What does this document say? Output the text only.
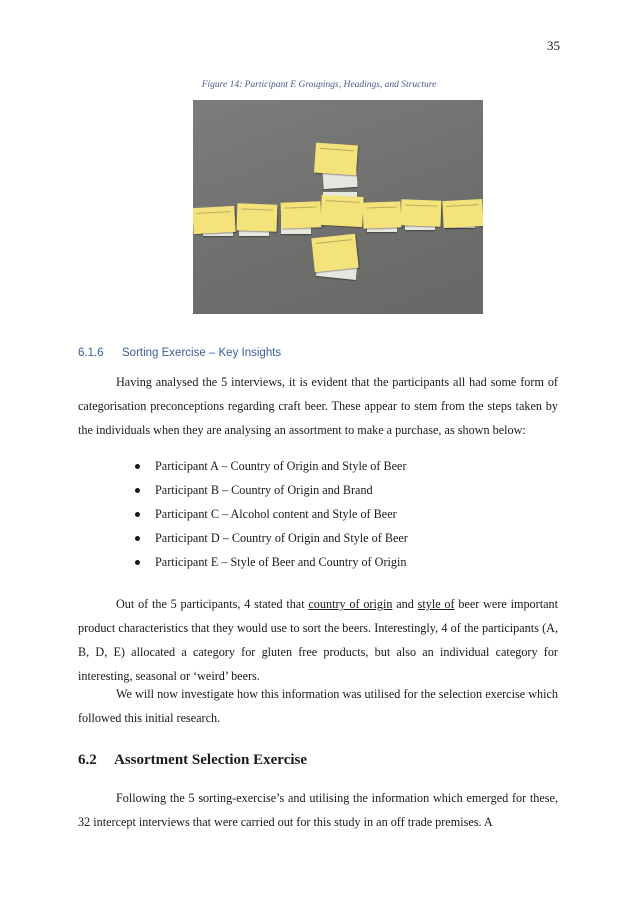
35
Figure 14: Participant E Groupings, Headings, and Structure
6.1.6 Sorting Exercise – Key Insights

Having analysed the 5 interviews, it is evident that the participants all had some form of categorisation preconceptions regarding craft beer. These appear to stem from the steps taken by the individuals when they are analysing an assortment to make a purchase, as shown below:

Participant A – Country of Origin and Style of Beer
Participant B – Country of Origin and Brand
Participant C – Alcohol content and Style of Beer
Participant D – Country of Origin and Style of Beer
Participant E – Style of Beer and Country of Origin

Out of the 5 participants, 4 stated that country of origin and style of beer were important product characteristics that they would use to sort the beers. Interestingly, 4 of the participants (A, B, D, E) allocated a category for gluten free products, but also an individual category for interesting, seasonal or ‘weird’ beers.

We will now investigate how this information was utilised for the selection exercise which followed this initial research.

6.2 Assortment Selection Exercise

Following the 5 sorting-exercise’s and utilising the information which emerged for these, 32 intercept interviews that were carried out for this study in an off trade premises. A
